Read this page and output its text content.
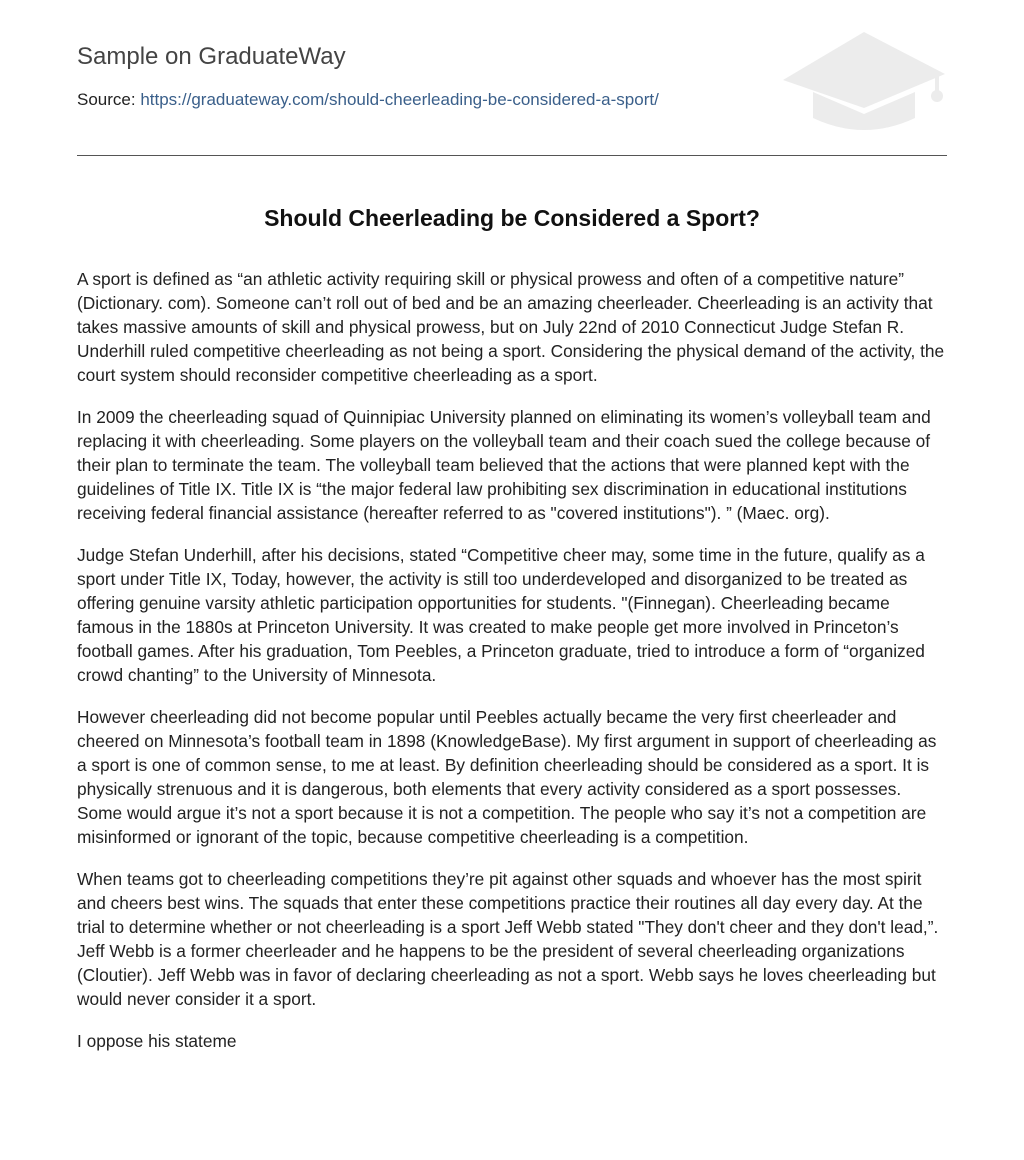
Sample on GraduateWay
Source: https://graduateway.com/should-cheerleading-be-considered-a-sport/
Should Cheerleading be Considered a Sport?

A sport is defined as “an athletic activity requiring skill or physical prowess and often of a competitive nature” (Dictionary. com). Someone can’t roll out of bed and be an amazing cheerleader. Cheerleading is an activity that takes massive amounts of skill and physical prowess, but on July 22nd of 2010 Connecticut Judge Stefan R. Underhill ruled competitive cheerleading as not being a sport. Considering the physical demand of the activity, the court system should reconsider competitive cheerleading as a sport.

In 2009 the cheerleading squad of Quinnipiac University planned on eliminating its women’s volleyball team and replacing it with cheerleading. Some players on the volleyball team and their coach sued the college because of their plan to terminate the team. The volleyball team believed that the actions that were planned kept with the guidelines of Title IX. Title IX is “the major federal law prohibiting sex discrimination in educational institutions receiving federal financial assistance (hereafter referred to as "covered institutions"). ” (Maec. org).

Judge Stefan Underhill, after his decisions, stated “Competitive cheer may, some time in the future, qualify as a sport under Title IX, Today, however, the activity is still too underdeveloped and disorganized to be treated as offering genuine varsity athletic participation opportunities for students. "(Finnegan). Cheerleading became famous in the 1880s at Princeton University. It was created to make people get more involved in Princeton’s football games. After his graduation, Tom Peebles, a Princeton graduate, tried to introduce a form of “organized crowd chanting” to the University of Minnesota.

However cheerleading did not become popular until Peebles actually became the very first cheerleader and cheered on Minnesota’s football team in 1898 (KnowledgeBase). My first argument in support of cheerleading as a sport is one of common sense, to me at least. By definition cheerleading should be considered as a sport. It is physically strenuous and it is dangerous, both elements that every activity considered as a sport possesses. Some would argue it’s not a sport because it is not a competition. The people who say it’s not a competition are misinformed or ignorant of the topic, because competitive cheerleading is a competition.

When teams got to cheerleading competitions they’re pit against other squads and whoever has the most spirit and cheers best wins. The squads that enter these competitions practice their routines all day every day. At the trial to determine whether or not cheerleading is a sport Jeff Webb stated "They don't cheer and they don't lead,”. Jeff Webb is a former cheerleader and he happens to be the president of several cheerleading organizations (Cloutier). Jeff Webb was in favor of declaring cheerleading as not a sport. Webb says he loves cheerleading but would never consider it a sport.

I oppose his stateme
